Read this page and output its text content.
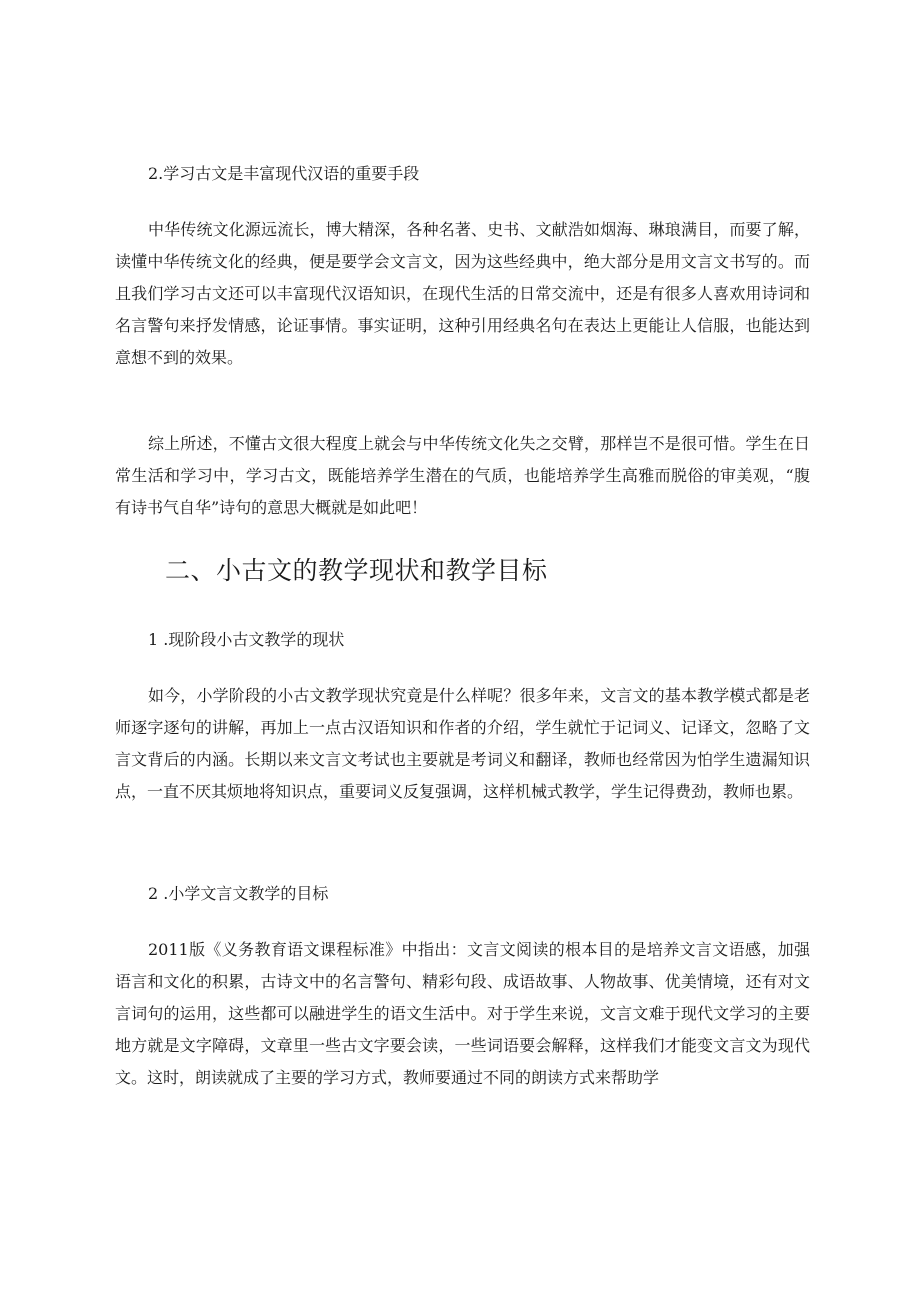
2.学习古文是丰富现代汉语的重要手段

中华传统文化源远流长，博大精深，各种名著、史书、文献浩如烟海、琳琅满目，而要了解，读懂中华传统文化的经典，便是要学会文言文，因为这些经典中，绝大部分是用文言文书写的。而且我们学习古文还可以丰富现代汉语知识，在现代生活的日常交流中，还是有很多人喜欢用诗词和名言警句来抒发情感，论证事情。事实证明，这种引用经典名句在表达上更能让人信服，也能达到意想不到的效果。

综上所述，不懂古文很大程度上就会与中华传统文化失之交臂，那样岂不是很可惜。学生在日常生活和学习中，学习古文，既能培养学生潜在的气质，也能培养学生高雅而脱俗的审美观，“腹有诗书气自华”诗句的意思大概就是如此吧！

二、小古文的教学现状和教学目标

1 .现阶段小古文教学的现状

如今，小学阶段的小古文教学现状究竟是什么样呢？很多年来，文言文的基本教学模式都是老师逐字逐句的讲解，再加上一点古汉语知识和作者的介绍，学生就忙于记词义、记译文，忽略了文言文背后的内涵。长期以来文言文考试也主要就是考词义和翻译，教师也经常因为怕学生遗漏知识点，一直不厌其烦地将知识点，重要词义反复强调，这样机械式教学，学生记得费劲，教师也累。

2 .小学文言文教学的目标

2011版《义务教育语文课程标准》中指出：文言文阅读的根本目的是培养文言文语感，加强语言和文化的积累，古诗文中的名言警句、精彩句段、成语故事、人物故事、优美情境，还有对文言词句的运用，这些都可以融进学生的语文生活中。对于学生来说，文言文难于现代文学习的主要地方就是文字障碍，文章里一些古文字要会读，一些词语要会解释，这样我们才能变文言文为现代文。这时，朗读就成了主要的学习方式，教师要通过不同的朗读方式来帮助学
